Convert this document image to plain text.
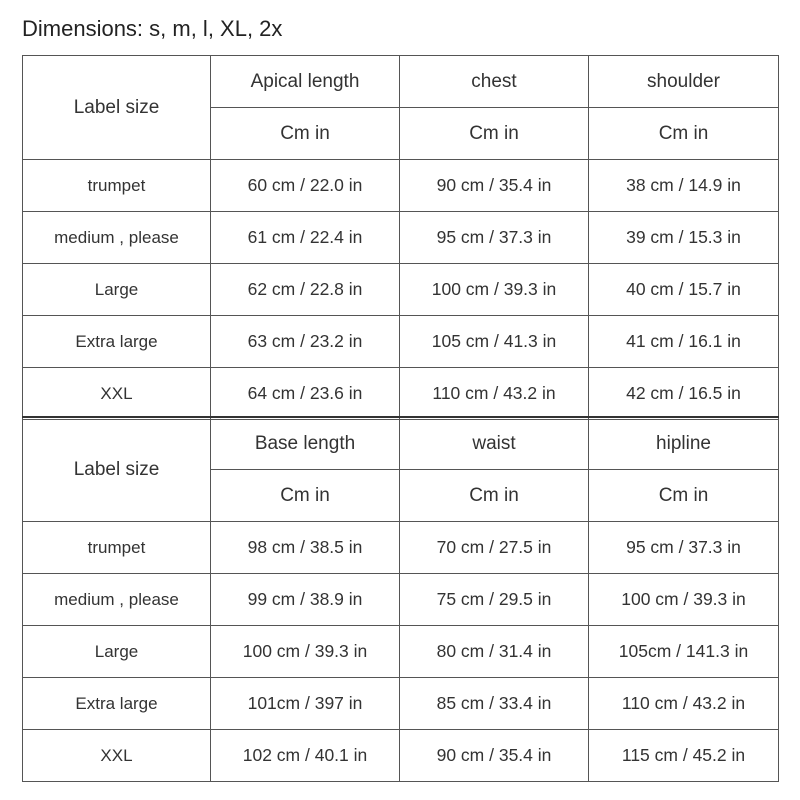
Dimensions: s, m, l, XL, 2x
Label size	Apical length	chest	shoulder
	Cm in	Cm in	Cm in
trumpet	60 cm / 22.0 in	90 cm / 35.4 in	38 cm / 14.9 in
medium , please	61 cm / 22.4 in	95 cm / 37.3 in	39 cm / 15.3 in
Large	62 cm / 22.8 in	100 cm / 39.3 in	40 cm / 15.7 in
Extra large	63 cm / 23.2 in	105 cm / 41.3 in	41 cm / 16.1 in
XXL	64 cm / 23.6 in	110 cm / 43.2 in	42 cm / 16.5 in
Label size	Base length	waist	hipline
	Cm in	Cm in	Cm in
trumpet	98 cm / 38.5 in	70 cm / 27.5 in	95 cm / 37.3 in
medium , please	99 cm / 38.9 in	75 cm / 29.5 in	100 cm / 39.3 in
Large	100 cm / 39.3 in	80 cm / 31.4 in	105cm / 141.3 in
Extra large	101cm / 397 in	85 cm / 33.4 in	110 cm / 43.2 in
XXL	102 cm / 40.1 in	90 cm / 35.4 in	115 cm / 45.2 in
